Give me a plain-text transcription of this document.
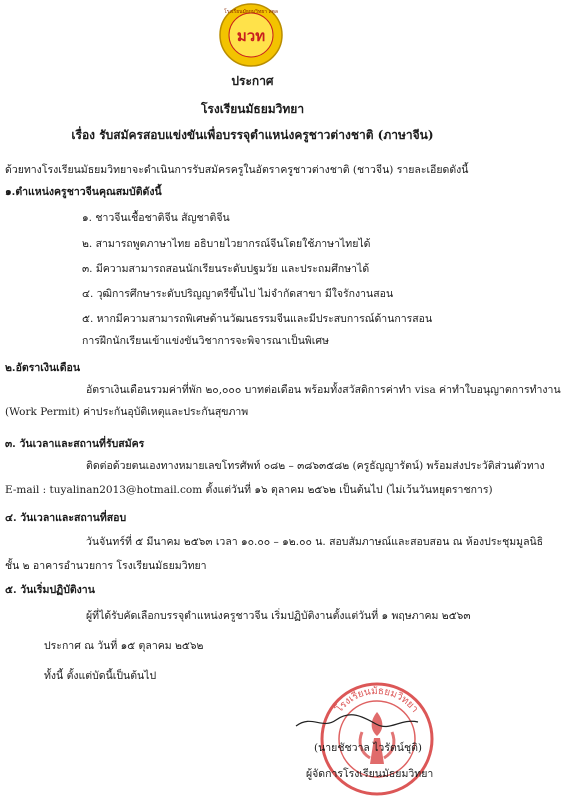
มวท
โรงเรียนมัธยมวิทยา สตูล
ประกาศ
โรงเรียนมัธยมวิทยา
เรื่อง รับสมัครสอบแข่งขันเพื่อบรรจุตำแหน่งครูชาวต่างชาติ (ภาษาจีน)
ด้วยทางโรงเรียนมัธยมวิทยาจะดำเนินการรับสมัครครูในอัตราครูชาวต่างชาติ (ชาวจีน) รายละเอียดดังนี้
๑.ตำแหน่งครูชาวจีนคุณสมบัติดังนี้
๑. ชาวจีนเชื้อชาติจีน สัญชาติจีน
๒. สามารถพูดภาษาไทย อธิบายไวยากรณ์จีนโดยใช้ภาษาไทยได้
๓. มีความสามารถสอนนักเรียนระดับปฐมวัย และประถมศึกษาได้
๔. วุฒิการศึกษาระดับปริญญาตรีขึ้นไป ไม่จำกัดสาขา มีใจรักงานสอน
๕. หากมีความสามารถพิเศษด้านวัฒนธรรมจีนและมีประสบการณ์ด้านการสอน
การฝึกนักเรียนเข้าแข่งขันวิชาการจะพิจารณาเป็นพิเศษ
๒.อัตราเงินเดือน
อัตราเงินเดือนรวมค่าที่พัก ๒๐,๐๐๐ บาทต่อเดือน พร้อมทั้งสวัสดิการค่าทำ visa ค่าทำใบอนุญาตการทำงาน
(Work Permit) ค่าประกันอุบัติเหตุและประกันสุขภาพ
๓. วันเวลาและสถานที่รับสมัคร
ติดต่อด้วยตนเองทางหมายเลขโทรศัพท์ ๐๘๒ – ๓๘๖๓๕๘๒ (ครูธัญญารัตน์) พร้อมส่งประวัติส่วนตัวทาง
E-mail : tuyalinan2013@hotmail.com ตั้งแต่วันที่ ๑๖ ตุลาคม ๒๕๖๒ เป็นต้นไป (ไม่เว้นวันหยุดราชการ)
๔. วันเวลาและสถานที่สอบ
วันจันทร์ที่ ๕ มีนาคม ๒๕๖๓ เวลา ๑๐.๐๐ – ๑๒.๐๐ น. สอบสัมภาษณ์และสอบสอน ณ ห้องประชุมมูลนิธิ
ชั้น ๒ อาคารอำนวยการ โรงเรียนมัธยมวิทยา
๕. วันเริ่มปฏิบัติงาน
ผู้ที่ได้รับคัดเลือกบรรจุตำแหน่งครูชาวจีน เริ่มปฏิบัติงานตั้งแต่วันที่ ๑ พฤษภาคม ๒๕๖๓
ประกาศ ณ วันที่ ๑๕ ตุลาคม ๒๕๖๒
ทั้งนี้ ตั้งแต่บัดนี้เป็นต้นไป
โรงเรียนมัธยมวิทยา
(นายชัชวาล ไวรัตน์ชุติ)
ผู้จัดการโรงเรียนมัธยมวิทยา
